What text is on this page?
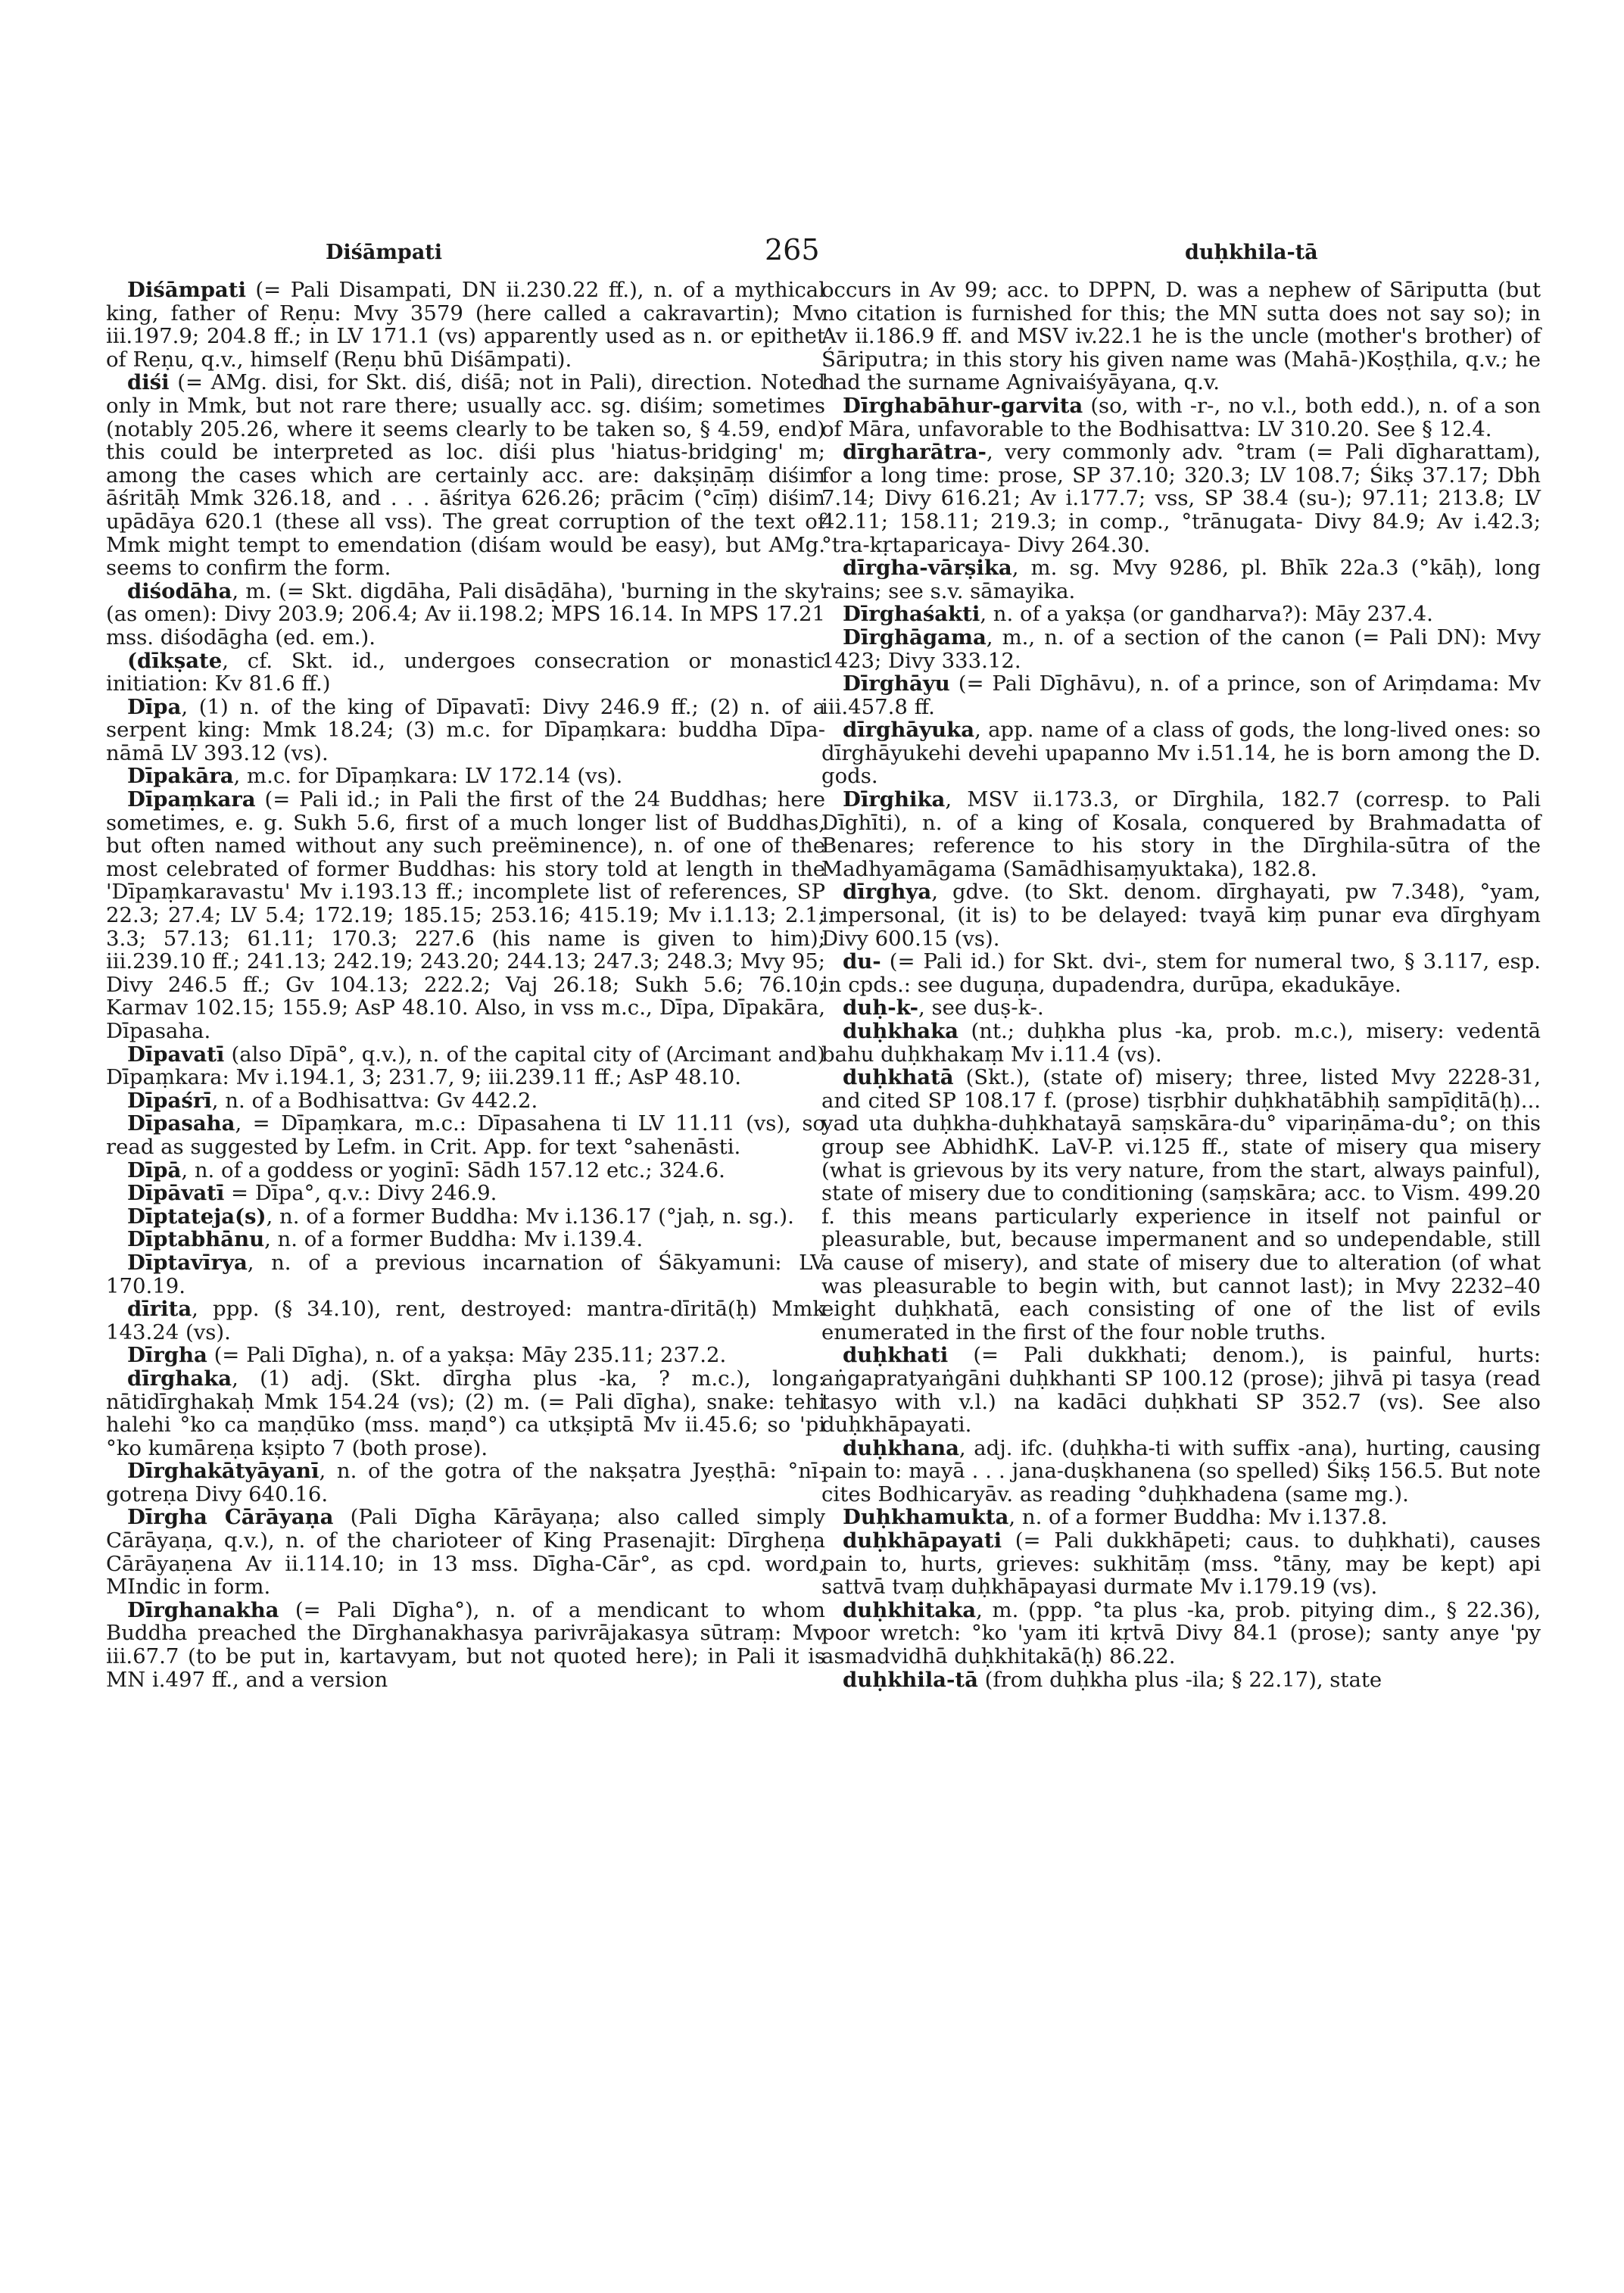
Diśāmpati	265	duḥkhila-tā

Diśāmpati (= Pali Disampati, DN ii.230.22 ff.), n. of a mythical king, father of Reṇu: Mvy 3579 (here called a cakravartin); Mv iii.197.9; 204.8 ff.; in LV 171.1 (vs) apparently used as n. or epithet of Reṇu, q.v., himself (Reṇu bhū Diśāmpati).

diśi (= AMg. disi, for Skt. diś, diśā; not in Pali), direction. Noted only in Mmk, but not rare there; usually acc. sg. diśim; sometimes (notably 205.26, where it seems clearly to be taken so, § 4.59, end) this could be interpreted as loc. diśi plus 'hiatus-bridging' m; among the cases which are certainly acc. are: dakṣiṇāṃ diśim āśritāḥ Mmk 326.18, and . . . āśritya 626.26; prācim (°cīṃ) diśim upādāya 620.1 (these all vss). The great corruption of the text of Mmk might tempt to emendation (diśam would be easy), but AMg. seems to confirm the form.

diśodāha, m. (= Skt. digdāha, Pali disāḍāha), 'burning in the sky' (as omen): Divy 203.9; 206.4; Av ii.198.2; MPS 16.14. In MPS 17.21 mss. diśodāgha (ed. em.).

(dīkṣate, cf. Skt. id., undergoes consecration or monastic initiation: Kv 81.6 ff.)

Dīpa, (1) n. of the king of Dīpavatī: Divy 246.9 ff.; (2) n. of a serpent king: Mmk 18.24; (3) m.c. for Dīpaṃkara: buddha Dīpa-nāmā LV 393.12 (vs).

Dīpakāra, m.c. for Dīpaṃkara: LV 172.14 (vs).

Dīpaṃkara (= Pali id.; in Pali the first of the 24 Buddhas; here sometimes, e. g. Sukh 5.6, first of a much longer list of Buddhas, but often named without any such preëminence), n. of one of the most celebrated of former Buddhas: his story told at length in the 'Dīpaṃkaravastu' Mv i.193.13 ff.; incomplete list of references, SP 22.3; 27.4; LV 5.4; 172.19; 185.15; 253.16; 415.19; Mv i.1.13; 2.1; 3.3; 57.13; 61.11; 170.3; 227.6 (his name is given to him); iii.239.10 ff.; 241.13; 242.19; 243.20; 244.13; 247.3; 248.3; Mvy 95; Divy 246.5 ff.; Gv 104.13; 222.2; Vaj 26.18; Sukh 5.6; 76.10; Karmav 102.15; 155.9; AsP 48.10. Also, in vss m.c., Dīpa, Dīpakāra, Dīpasaha.

Dīpavatī (also Dīpā°, q.v.), n. of the capital city of (Arcimant and) Dīpaṃkara: Mv i.194.1, 3; 231.7, 9; iii.239.11 ff.; AsP 48.10.

Dīpaśrī, n. of a Bodhisattva: Gv 442.2.

Dīpasaha, = Dīpaṃkara, m.c.: Dīpasahena ti LV 11.11 (vs), so read as suggested by Lefm. in Crit. App. for text °sahenāsti.

Dīpā, n. of a goddess or yoginī: Sādh 157.12 etc.; 324.6.

Dīpāvatī = Dīpa°, q.v.: Divy 246.9.

Dīptateja(s), n. of a former Buddha: Mv i.136.17 (°jaḥ, n. sg.).

Dīptabhānu, n. of a former Buddha: Mv i.139.4.

Dīptavīrya, n. of a previous incarnation of Śākyamuni: LV 170.19.

dīrita, ppp. (§ 34.10), rent, destroyed: mantra-dīritā(ḥ) Mmk 143.24 (vs).

Dīrgha (= Pali Dīgha), n. of a yakṣa: Māy 235.11; 237.2.

dīrghaka, (1) adj. (Skt. dīrgha plus -ka, ? m.c.), long: nātidīrghakaḥ Mmk 154.24 (vs); (2) m. (= Pali dīgha), snake: tehi halehi °ko ca maṇḍūko (mss. maṇd°) ca utkṣiptā Mv ii.45.6; so 'pi °ko kumāreṇa kṣipto 7 (both prose).

Dīrghakātyāyanī, n. of the gotra of the nakṣatra Jyeṣṭhā: °nī-gotreṇa Divy 640.16.

Dīrgha Cārāyaṇa (Pali Dīgha Kārāyaṇa; also called simply Cārāyaṇa, q.v.), n. of the charioteer of King Prasenajit: Dīrgheṇa Cārāyaṇena Av ii.114.10; in 13 mss. Dīgha-Cār°, as cpd. word, MIndic in form.

Dīrghanakha (= Pali Dīgha°), n. of a mendicant to whom Buddha preached the Dīrghanakhasya parivrājakasya sūtraṃ: Mv iii.67.7 (to be put in, kartavyam, but not quoted here); in Pali it is MN i.497 ff., and a version

occurs in Av 99; acc. to DPPN, D. was a nephew of Sāriputta (but no citation is furnished for this; the MN sutta does not say so); in Av ii.186.9 ff. and MSV iv.22.1 he is the uncle (mother's brother) of Śāriputra; in this story his given name was (Mahā-)Koṣṭhila, q.v.; he had the surname Agnivaiśyāyana, q.v.

Dīrghabāhur-garvita (so, with -r-, no v.l., both edd.), n. of a son of Māra, unfavorable to the Bodhisattva: LV 310.20. See § 12.4.

dīrgharātra-, very commonly adv. °tram (= Pali dīgharattam), for a long time: prose, SP 37.10; 320.3; LV 108.7; Śikṣ 37.17; Dbh 7.14; Divy 616.21; Av i.177.7; vss, SP 38.4 (su-); 97.11; 213.8; LV 42.11; 158.11; 219.3; in comp., °trānugata- Divy 84.9; Av i.42.3; °tra-kṛtaparicaya- Divy 264.30.

dīrgha-vārṣika, m. sg. Mvy 9286, pl. Bhīk 22a.3 (°kāḥ), long rains; see s.v. sāmayika.

Dīrghaśakti, n. of a yakṣa (or gandharva?): Māy 237.4.

Dīrghāgama, m., n. of a section of the canon (= Pali DN): Mvy 1423; Divy 333.12.

Dīrghāyu (= Pali Dīghāvu), n. of a prince, son of Ariṃdama: Mv iii.457.8 ff.

dīrghāyuka, app. name of a class of gods, the long-lived ones: so dīrghāyukehi devehi upapanno Mv i.51.14, he is born among the D. gods.

Dīrghika, MSV ii.173.3, or Dīrghila, 182.7 (corresp. to Pali Dīghīti), n. of a king of Kosala, conquered by Brahmadatta of Benares; reference to his story in the Dīrghila-sūtra of the Madhyamāgama (Samādhisaṃyuktaka), 182.8.

dīrghya, gdve. (to Skt. denom. dīrghayati, pw 7.348), °yam, impersonal, (it is) to be delayed: tvayā kiṃ punar eva dīrghyam Divy 600.15 (vs).

du- (= Pali id.) for Skt. dvi-, stem for numeral two, § 3.117, esp. in cpds.: see duguṇa, dupadendra, durūpa, ekadukāye.

duḥ-k-, see duṣ-k-.

duḥkhaka (nt.; duḥkha plus -ka, prob. m.c.), misery: vedentā bahu duḥkhakaṃ Mv i.11.4 (vs).

duḥkhatā (Skt.), (state of) misery; three, listed Mvy 2228-31, and cited SP 108.17 f. (prose) tisṛbhir duḥkhatābhiḥ sampīḍitā(ḥ)... yad uta duḥkha-duḥkhatayā saṃskāra-du° vipariṇāma-du°; on this group see AbhidhK. LaV-P. vi.125 ff., state of misery qua misery (what is grievous by its very nature, from the start, always painful), state of misery due to conditioning (saṃskāra; acc. to Vism. 499.20 f. this means particularly experience in itself not painful or pleasurable, but, because impermanent and so undependable, still a cause of misery), and state of misery due to alteration (of what was pleasurable to begin with, but cannot last); in Mvy 2232–40 eight duḥkhatā, each consisting of one of the list of evils enumerated in the first of the four noble truths.

duḥkhati (= Pali dukkhati; denom.), is painful, hurts: aṅgapratyaṅgāni duḥkhanti SP 100.12 (prose); jihvā pi tasya (read tasyo with v.l.) na kadāci duḥkhati SP 352.7 (vs). See also duḥkhāpayati.

duḥkhana, adj. ifc. (duḥkha-ti with suffix -ana), hurting, causing pain to: mayā . . . jana-duṣkhanena (so spelled) Śikṣ 156.5. But note cites Bodhicaryāv. as reading °duḥkhadena (same mg.).

Duḥkhamukta, n. of a former Buddha: Mv i.137.8.

duḥkhāpayati (= Pali dukkhāpeti; caus. to duḥkhati), causes pain to, hurts, grieves: sukhitāṃ (mss. °tāny, may be kept) api sattvā tvaṃ duḥkhāpayasi durmate Mv i.179.19 (vs).

duḥkhitaka, m. (ppp. °ta plus -ka, prob. pitying dim., § 22.36), poor wretch: °ko 'yam iti kṛtvā Divy 84.1 (prose); santy anye 'py asmadvidhā duḥkhitakā(ḥ) 86.22.

duḥkhila-tā (from duḥkha plus -ila; § 22.17), state
